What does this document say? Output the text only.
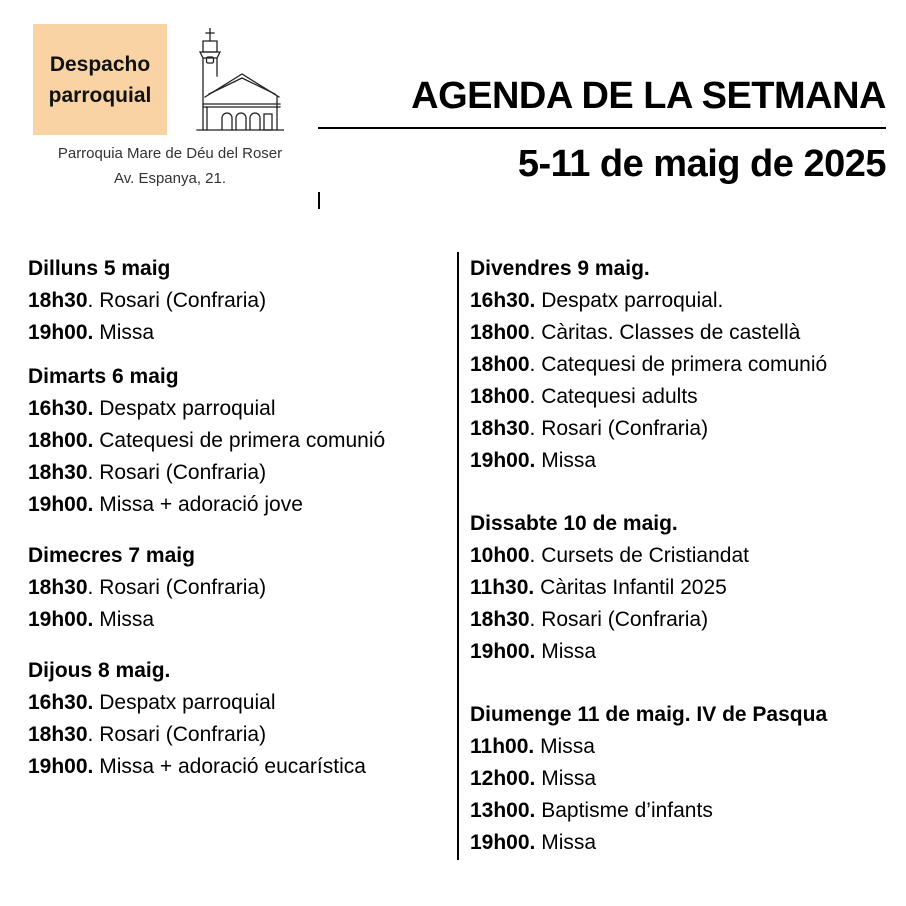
Despacho
parroquial
Parroquia Mare de Déu del Roser
Av. Espanya, 21.
AGENDA DE LA SETMANA
5-11 de maig de 2025
Dilluns 5 maig
18h30. Rosari (Confraria)
19h00. Missa
Dimarts 6 maig
16h30. Despatx parroquial
18h00. Catequesi de primera comunió
18h30. Rosari (Confraria)
19h00. Missa + adoració jove
Dimecres 7 maig
18h30. Rosari (Confraria)
19h00. Missa
Dijous 8 maig.
16h30. Despatx parroquial
18h30. Rosari (Confraria)
19h00. Missa + adoració eucarística
Divendres 9 maig.
16h30. Despatx parroquial.
18h00. Càritas. Classes de castellà
18h00. Catequesi de primera comunió
18h00. Catequesi adults
18h30. Rosari (Confraria)
19h00. Missa
Dissabte 10 de maig.
10h00. Cursets de Cristiandat
11h30. Càritas Infantil 2025
18h30. Rosari (Confraria)
19h00. Missa
Diumenge 11 de maig. IV de Pasqua
11h00. Missa
12h00. Missa
13h00. Baptisme d’infants
19h00. Missa
